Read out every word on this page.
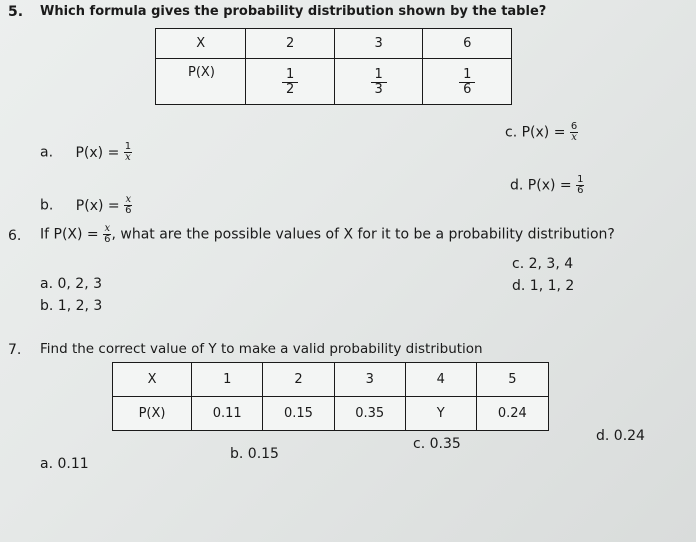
5. Which formula gives the probability distribution shown by the table?
X	2	3	6
P(X)	$\frac{1}{2}$	$\frac{1}{3}$	$\frac{1}{6}$
a. $P(x) = \frac{1}{x}$
c. $P(x) = \frac{6}{x}$
b. $P(x) = \frac{x}{6}$
d. $P(x) = \frac{1}{6}$
6. If $P(X) = \frac{x}{6}$ , what are the possible values of X for it to be a probability distribution?
a. 0, 2, 3
c. 2, 3, 4
d. 1, 1, 2
b. 1, 2, 3
7. Find the correct value of Y to make a valid probability distribution
X	1	2	3	4	5
P(X)	0.11	0.15	0.35	Y	0.24
a. 0.11
b. 0.15
c. 0.35	d. 0.24
